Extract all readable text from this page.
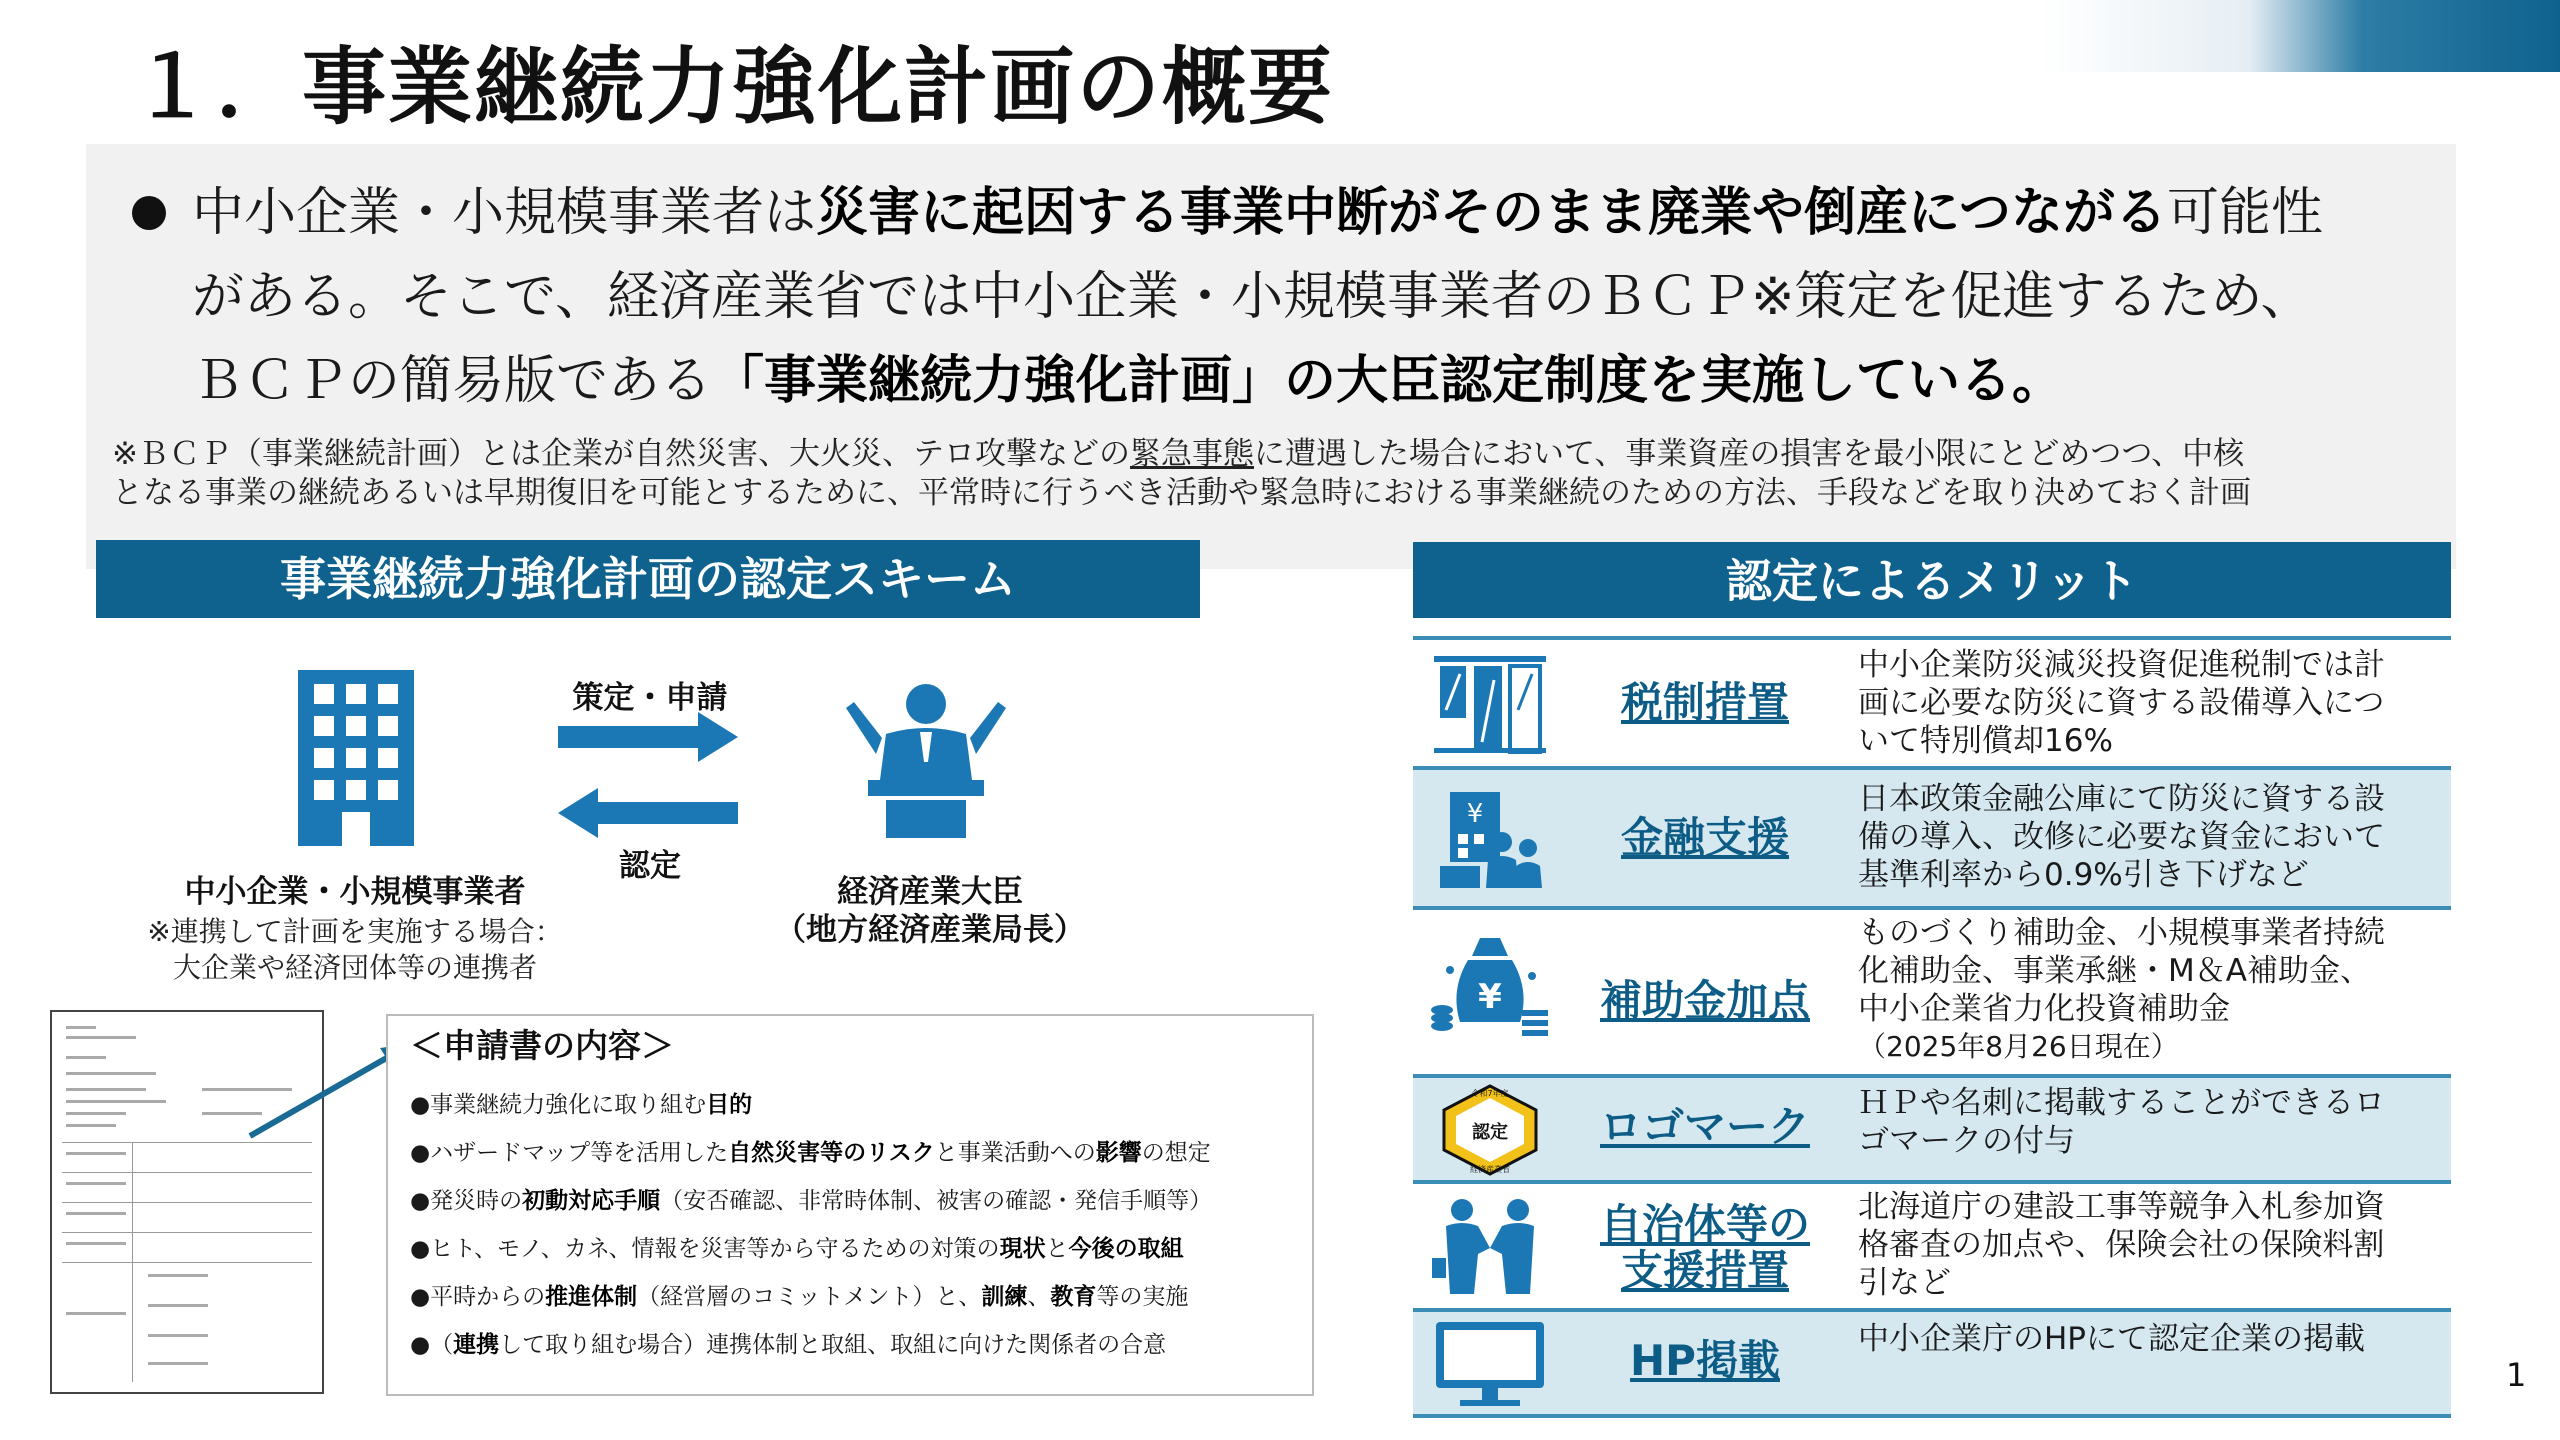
１．事業継続力強化計画の概要
中小企業・小規模事業者は災害に起因する事業中断がそのまま廃業や倒産につながる可能性
がある。そこで、経済産業省では中小企業・小規模事業者のＢＣＰ※策定を促進するため、
ＢＣＰの簡易版である「事業継続力強化計画」の大臣認定制度を実施している。
※ＢＣＰ（事業継続計画）とは企業が自然災害、大火災、テロ攻撃などの緊急事態に遭遇した場合において、事業資産の損害を最小限にとどめつつ、中核
となる事業の継続あるいは早期復旧を可能とするために、平常時に行うべき活動や緊急時における事業継続のための方法、手段などを取り決めておく計画
事業継続力強化計画の認定スキーム	認定によるメリット
策定・申請
認定
中小企業・小規模事業者
※連携して計画を実施する場合：
大企業や経済団体等の連携者
経済産業大臣
（地方経済産業局長）
＜申請書の内容＞
●事業継続力強化に取り組む目的
●ハザードマップ等を活用した自然災害等のリスクと事業活動への影響の想定
●発災時の初動対応手順（安否確認、非常時体制、被害の確認・発信手順等）
●ヒト、モノ、カネ、情報を災害等から守るための対策の現状と今後の取組
●平時からの推進体制（経営層のコミットメント）と、訓練、教育等の実施
●（連携して取り組む場合）連携体制と取組、取組に向けた関係者の合意
¥
¥
令和7年度
認定
経済産業省
税制措置
金融支援
補助金加点
ロゴマーク
自治体等の
支援措置
HP掲載
中小企業防災減災投資促進税制では計
画に必要な防災に資する設備導入につ
いて特別償却16%
日本政策金融公庫にて防災に資する設
備の導入、改修に必要な資金において
基準利率から0.9%引き下げなど
ものづくり補助金、小規模事業者持続
化補助金、事業承継・M＆A補助金、
中小企業省力化投資補助金
（2025年8月26日現在）
ＨＰや名刺に掲載することができるロ
ゴマークの付与
北海道庁の建設工事等競争入札参加資
格審査の加点や、保険会社の保険料割
引など
中小企業庁のHPにて認定企業の掲載
1
